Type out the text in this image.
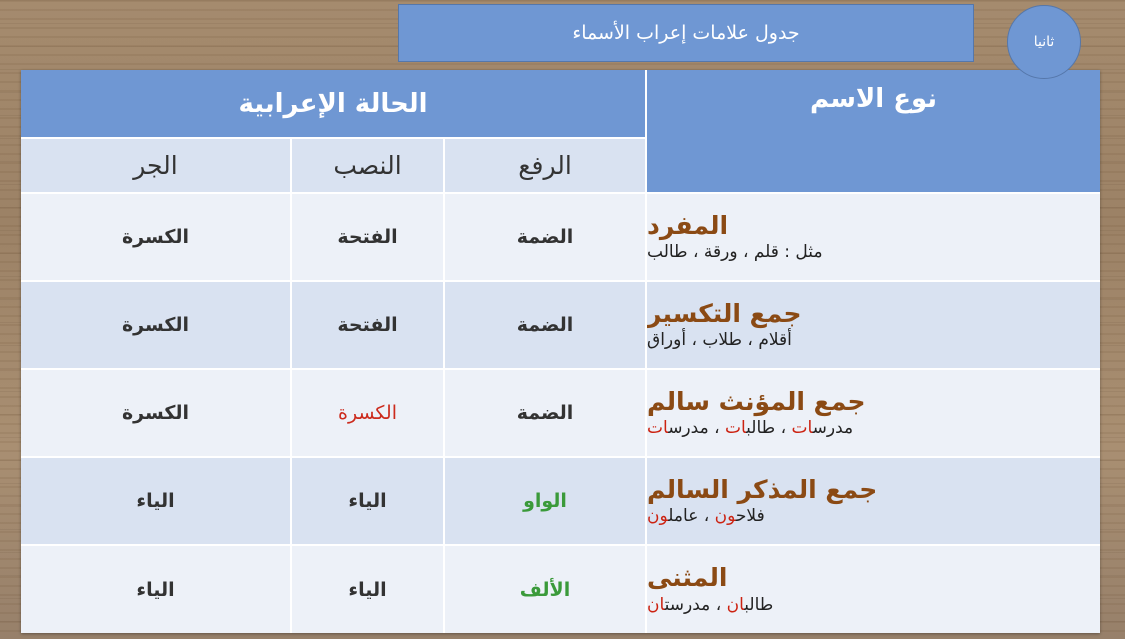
جدول علامات إعراب الأسماء	ثانيا
الحالة الإعرابية	نوع الاسم
الجر	النصب	الرفع
الكسرة	الفتحة	الضمة	المفرد
مثل : قلم ، ورقة ، طالب
الكسرة	الفتحة	الضمة	جمع التكسير
أقلام ، طلاب ، أوراق
الكسرة	الكسرة	الضمة	جمع المؤنث سالم
مدرسات ، طالبات ، مدرسات
الياء	الياء	الواو	جمع المذكر السالم
فلاحون ، عاملون
الياء	الياء	الألف	المثنى
طالبان ، مدرستان
